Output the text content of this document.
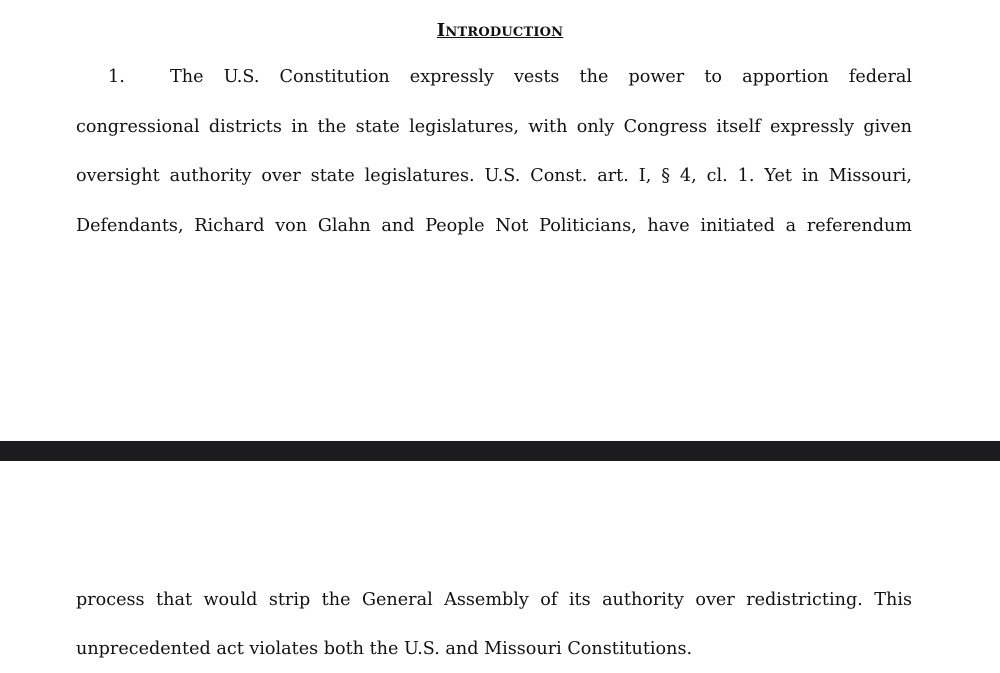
Introduction
1.	The U.S. Constitution expressly vests the power to apportion federal
congressional districts in the state legislatures, with only Congress itself expressly given
oversight authority over state legislatures. U.S. Const. art. I, § 4, cl. 1. Yet in Missouri,
Defendants, Richard von Glahn and People Not Politicians, have initiated a referendum
process that would strip the General Assembly of its authority over redistricting. This
unprecedented act violates both the U.S. and Missouri Constitutions.
